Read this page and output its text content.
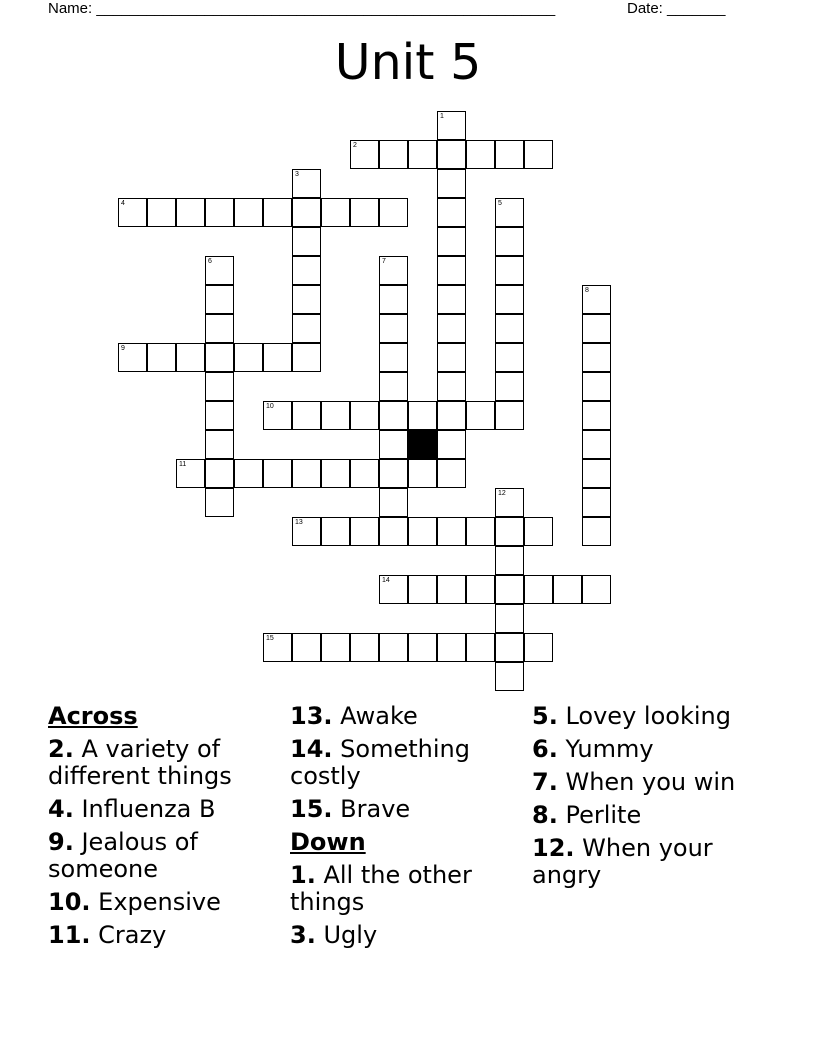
Name: _______________________________________________________	Date: _______
Unit 5
1
2
3
4	5
6	7
8
9
10
11
12
13
14
15
Across
2. A variety of different things
4. Influenza B
9. Jealous of someone
10. Expensive
11. Crazy
13. Awake
14. Something costly
15. Brave
Down
1. All the other things
3. Ugly
5. Lovey looking
6. Yummy
7. When you win
8. Perlite
12. When your angry
